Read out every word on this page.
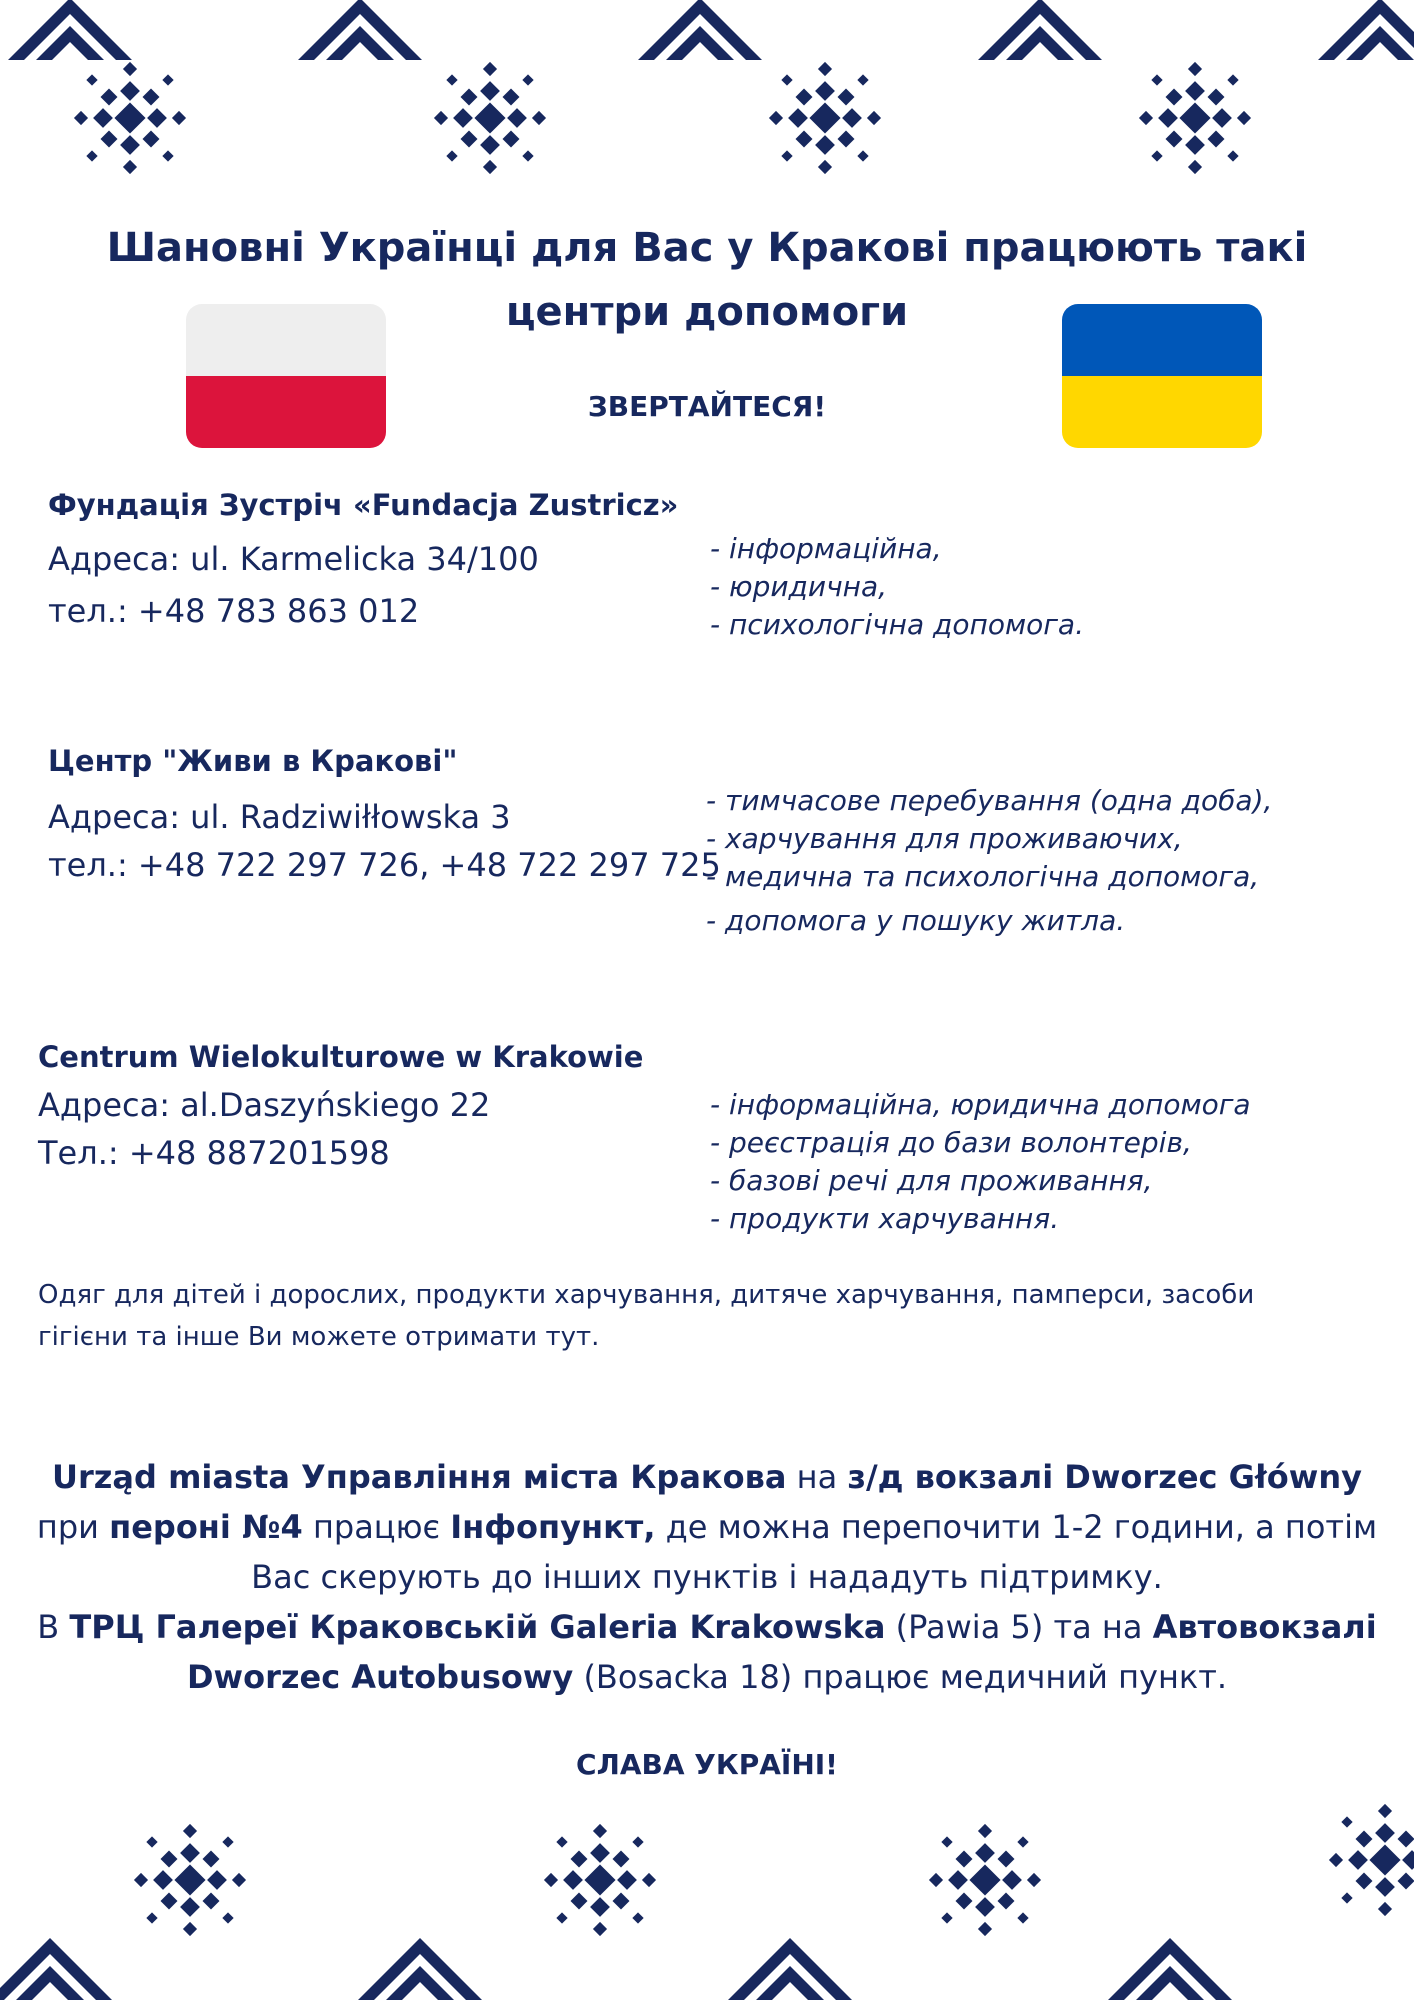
Шановні Українці для Вас у Кракові працюють такі
центри допомоги

ЗВЕРТАЙТЕСЯ!

Фундація Зустріч «Fundacja Zustricz»
Адреса: ul. Karmelicka 34/100
тел.: +48 783 863 012
- інформаційна,
- юридична,
- психологічна допомога.
Центр "Живи в Кракові"
Адреса: ul. Radziwiłłowska 3
тел.: +48 722 297 726, +48 722 297 725
- тимчасове перебування (одна доба),
- харчування для проживаючих,
- медична та психологічна допомога,
- допомога у пошуку житла.
Centrum Wielokulturowe w Krakowie
Адреса: al.Daszyńskiego 22
Тел.: +48 887201598
- інформаційна, юридична допомога
- реєстрація до бази волонтерів,
- базові речі для проживання,
- продукти харчування.

Одяг для дітей і дорослих, продукти харчування, дитяче харчування, памперси, засоби гігієни та інше Ви можете отримати тут.

Urząd miasta Управління міста Кракова на з/д вокзалі Dworzec Główny при пероні №4 працює Інфопункт, де можна перепочити 1-2 години, а потім Вас скерують до інших пунктів і нададуть підтримку.
В ТРЦ Галереї Краковській Galeria Krakowska (Pawia 5) та на Автовокзалі Dworzec Autobusowy (Bosacka 18) працює медичний пункт.

СЛАВА УКРАЇНІ!
